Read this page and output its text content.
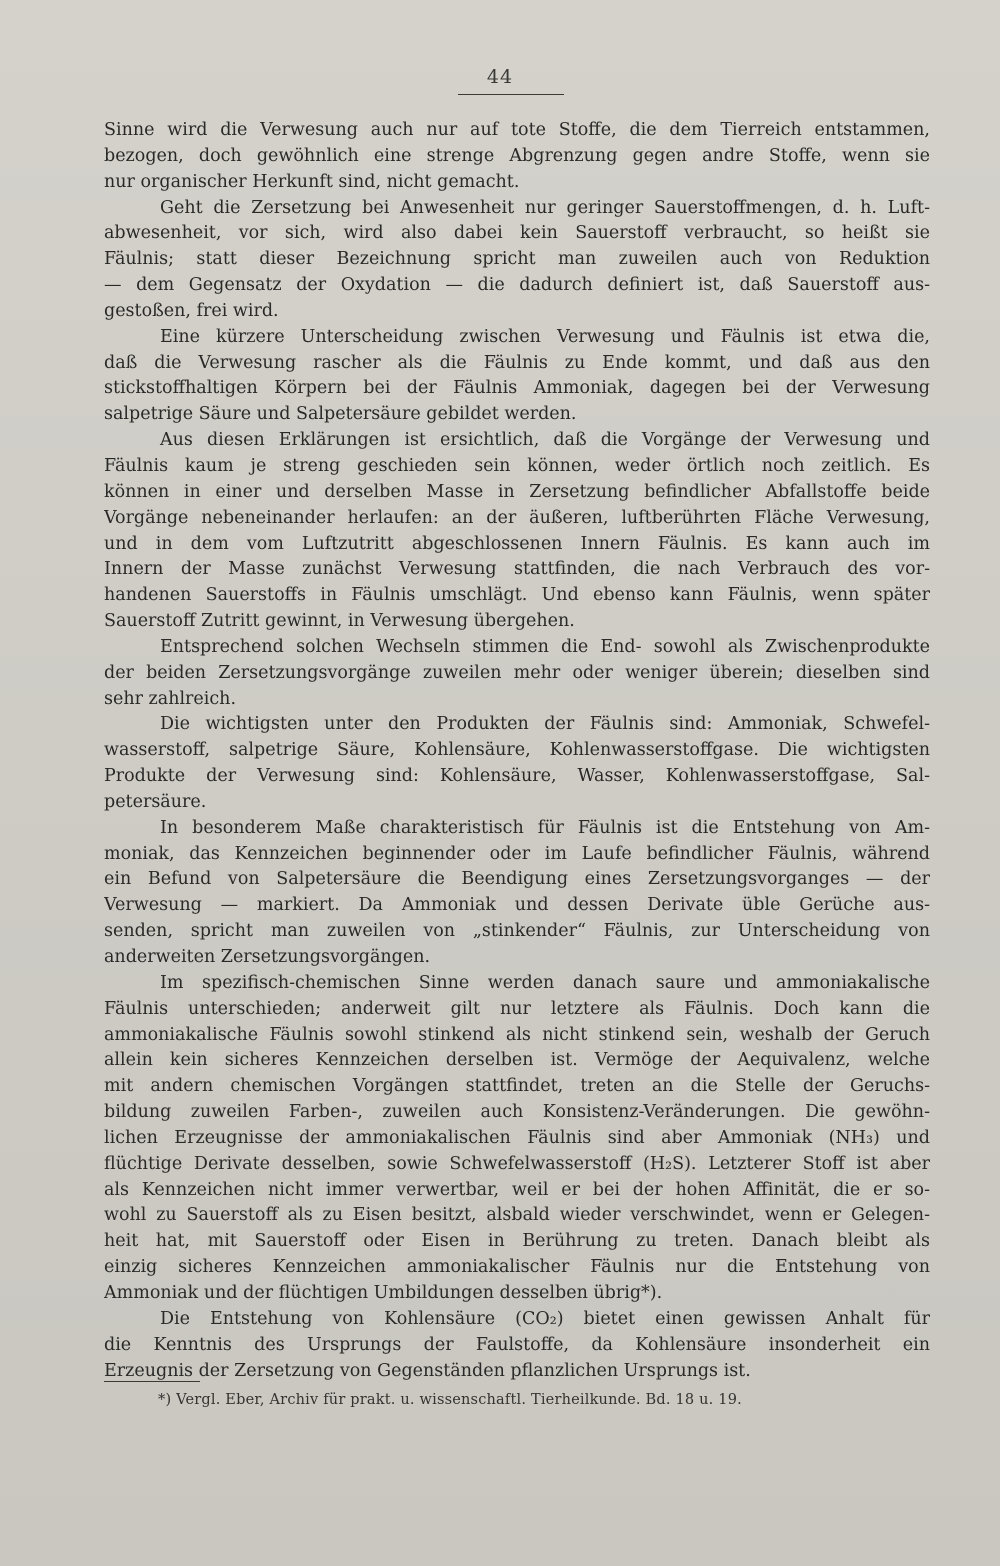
44
Sinne wird die Verwesung auch nur auf tote Stoffe, die dem Tierreich entstammen,
bezogen, doch gewöhnlich eine strenge Abgrenzung gegen andre Stoffe, wenn sie
nur organischer Herkunft sind, nicht gemacht.
Geht die Zersetzung bei Anwesenheit nur geringer Sauerstoffmengen, d. h. Luft-
abwesenheit, vor sich, wird also dabei kein Sauerstoff verbraucht, so heißt sie
Fäulnis; statt dieser Bezeichnung spricht man zuweilen auch von Reduktion
— dem Gegensatz der Oxydation — die dadurch definiert ist, daß Sauerstoff aus-
gestoßen, frei wird.
Eine kürzere Unterscheidung zwischen Verwesung und Fäulnis ist etwa die,
daß die Verwesung rascher als die Fäulnis zu Ende kommt, und daß aus den
stickstoffhaltigen Körpern bei der Fäulnis Ammoniak, dagegen bei der Verwesung
salpetrige Säure und Salpetersäure gebildet werden.
Aus diesen Erklärungen ist ersichtlich, daß die Vorgänge der Verwesung und
Fäulnis kaum je streng geschieden sein können, weder örtlich noch zeitlich. Es
können in einer und derselben Masse in Zersetzung befindlicher Abfallstoffe beide
Vorgänge nebeneinander herlaufen: an der äußeren, luftberührten Fläche Verwesung,
und in dem vom Luftzutritt abgeschlossenen Innern Fäulnis. Es kann auch im
Innern der Masse zunächst Verwesung stattfinden, die nach Verbrauch des vor-
handenen Sauerstoffs in Fäulnis umschlägt. Und ebenso kann Fäulnis, wenn später
Sauerstoff Zutritt gewinnt, in Verwesung übergehen.
Entsprechend solchen Wechseln stimmen die End- sowohl als Zwischenprodukte
der beiden Zersetzungsvorgänge zuweilen mehr oder weniger überein; dieselben sind
sehr zahlreich.
Die wichtigsten unter den Produkten der Fäulnis sind: Ammoniak, Schwefel-
wasserstoff, salpetrige Säure, Kohlensäure, Kohlenwasserstoffgase. Die wichtigsten
Produkte der Verwesung sind: Kohlensäure, Wasser, Kohlenwasserstoffgase, Sal-
petersäure.
In besonderem Maße charakteristisch für Fäulnis ist die Entstehung von Am-
moniak, das Kennzeichen beginnender oder im Laufe befindlicher Fäulnis, während
ein Befund von Salpetersäure die Beendigung eines Zersetzungsvorganges — der
Verwesung — markiert. Da Ammoniak und dessen Derivate üble Gerüche aus-
senden, spricht man zuweilen von „stinkender“ Fäulnis, zur Unterscheidung von
anderweiten Zersetzungsvorgängen.
Im spezifisch-chemischen Sinne werden danach saure und ammoniakalische
Fäulnis unterschieden; anderweit gilt nur letztere als Fäulnis. Doch kann die
ammoniakalische Fäulnis sowohl stinkend als nicht stinkend sein, weshalb der Geruch
allein kein sicheres Kennzeichen derselben ist. Vermöge der Aequivalenz, welche
mit andern chemischen Vorgängen stattfindet, treten an die Stelle der Geruchs-
bildung zuweilen Farben-, zuweilen auch Konsistenz-Veränderungen. Die gewöhn-
lichen Erzeugnisse der ammoniakalischen Fäulnis sind aber Ammoniak (NH₃) und
flüchtige Derivate desselben, sowie Schwefelwasserstoff (H₂S). Letzterer Stoff ist aber
als Kennzeichen nicht immer verwertbar, weil er bei der hohen Affinität, die er so-
wohl zu Sauerstoff als zu Eisen besitzt, alsbald wieder verschwindet, wenn er Gelegen-
heit hat, mit Sauerstoff oder Eisen in Berührung zu treten. Danach bleibt als
einzig sicheres Kennzeichen ammoniakalischer Fäulnis nur die Entstehung von
Ammoniak und der flüchtigen Umbildungen desselben übrig*).
Die Entstehung von Kohlensäure (CO₂) bietet einen gewissen Anhalt für
die Kenntnis des Ursprungs der Faulstoffe, da Kohlensäure insonderheit ein
Erzeugnis der Zersetzung von Gegenständen pflanzlichen Ursprungs ist.
*) Vergl. Eber, Archiv für prakt. u. wissenschaftl. Tierheilkunde. Bd. 18 u. 19.
